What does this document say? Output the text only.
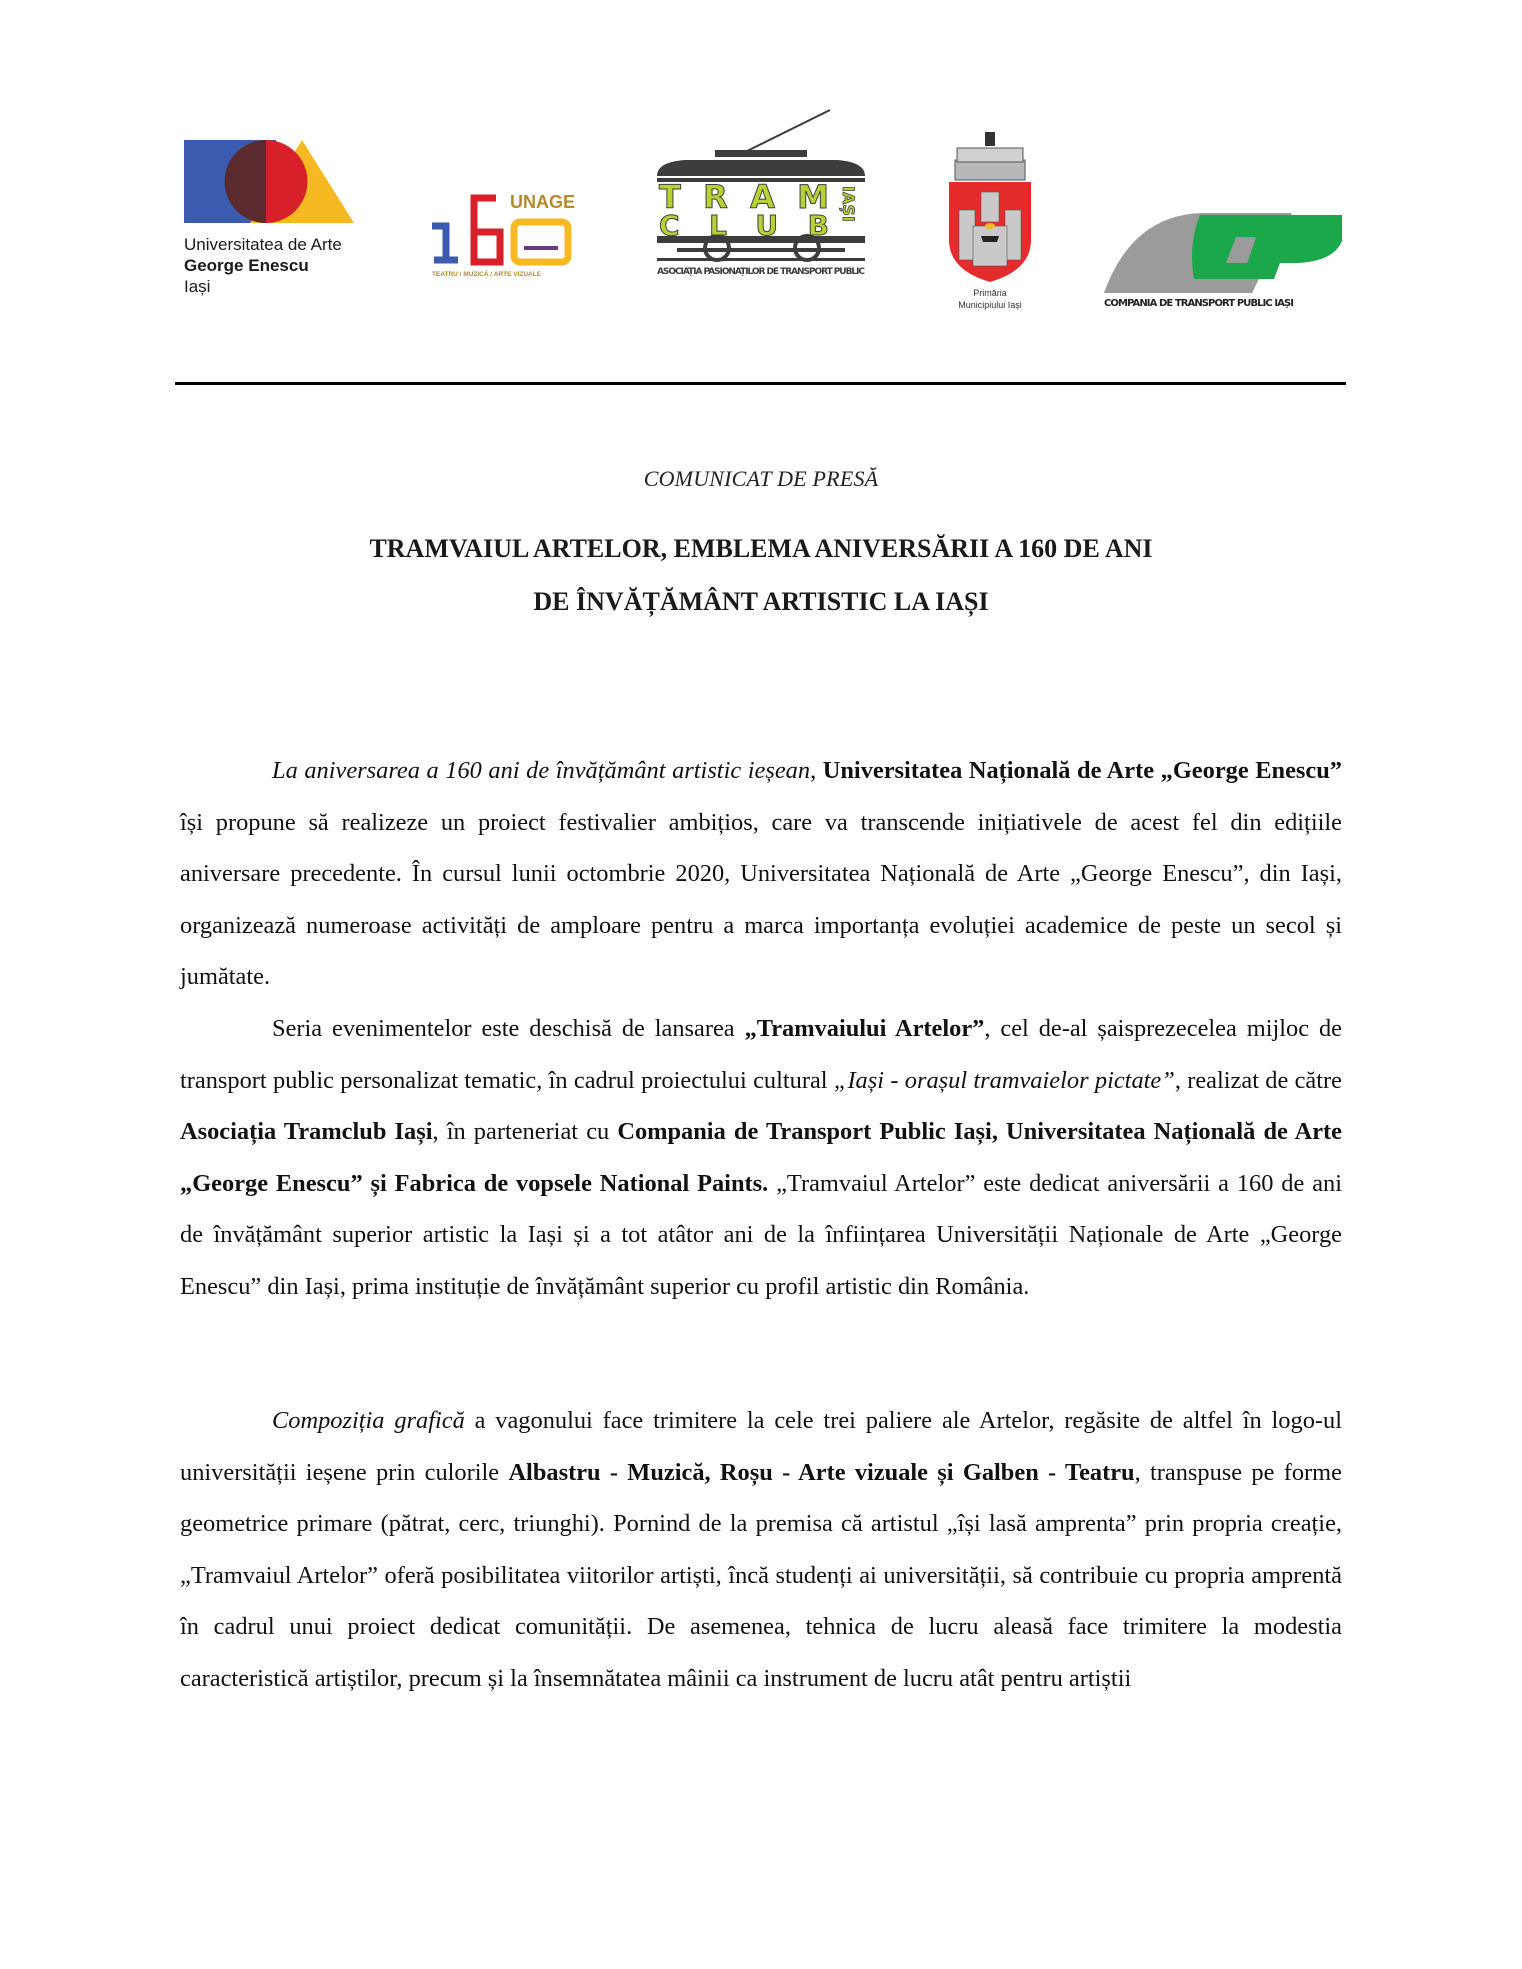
Universitatea de Arte
George Enescu
Iași
UNAGE
TEATRU / MUZICĂ / ARTE VIZUALE
TRAM
CLUB
IAȘI
ASOCIAȚIA PASIONAȚILOR DE TRANSPORT PUBLIC
Primăria
Municipiului Iași	COMPANIA DE TRANSPORT PUBLIC IAȘI
COMUNICAT DE PRESĂ
TRAMVAIUL ARTELOR, EMBLEMA ANIVERSĂRII A 160 DE ANI
DE ÎNVĂȚĂMÂNT ARTISTIC LA IAȘI

La aniversarea a 160 ani de învățământ artistic ieșean, Universitatea Națională de Arte „George Enescu” își propune să realizeze un proiect festivalier ambițios, care va transcende inițiativele de acest fel din edițiile aniversare precedente. În cursul lunii octombrie 2020, Universitatea Națională de Arte „George Enescu”, din Iași, organizează numeroase activități de amploare pentru a marca importanța evoluției academice de peste un secol și jumătate.

Seria evenimentelor este deschisă de lansarea „Tramvaiului Artelor”, cel de-al șaisprezecelea mijloc de transport public personalizat tematic, în cadrul proiectului cultural „Iași - orașul tramvaielor pictate”, realizat de către Asociația Tramclub Iași, în parteneriat cu Compania de Transport Public Iași, Universitatea Națională de Arte „George Enescu” și Fabrica de vopsele National Paints. „Tramvaiul Artelor” este dedicat aniversării a 160 de ani de învățământ superior artistic la Iași și a tot atâtor ani de la înființarea Universității Naționale de Arte „George Enescu” din Iași, prima instituție de învățământ superior cu profil artistic din România.

Compoziția grafică a vagonului face trimitere la cele trei paliere ale Artelor, regăsite de altfel în logo-ul universității ieșene prin culorile Albastru - Muzică, Roșu - Arte vizuale și Galben - Teatru, transpuse pe forme geometrice primare (pătrat, cerc, triunghi). Pornind de la premisa că artistul „își lasă amprenta” prin propria creație, „Tramvaiul Artelor” oferă posibilitatea viitorilor artiști, încă studenți ai universității, să contribuie cu propria amprentă în cadrul unui proiect dedicat comunității. De asemenea, tehnica de lucru aleasă face trimitere la modestia caracteristică artiștilor, precum și la însemnătatea mâinii ca instrument de lucru atât pentru artiștii
